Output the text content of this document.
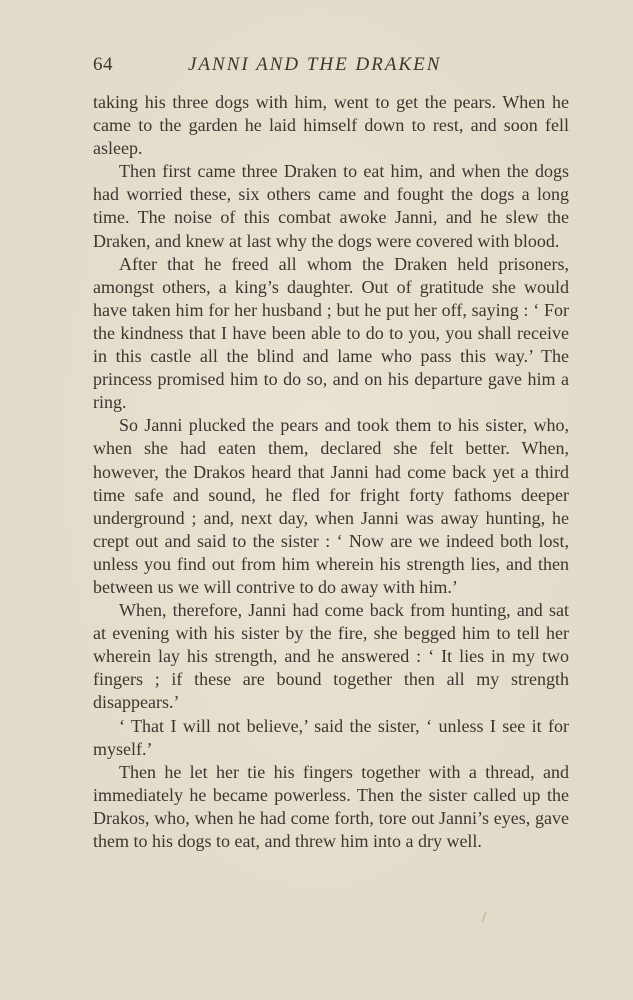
64	JANNI AND THE DRAKEN

taking his three dogs with him, went to get the pears. When he came to the garden he laid himself down to rest, and soon fell asleep.

Then first came three Draken to eat him, and when the dogs had worried these, six others came and fought the dogs a long time. The noise of this combat awoke Janni, and he slew the Draken, and knew at last why the dogs were covered with blood.

After that he freed all whom the Draken held prisoners, amongst others, a king’s daughter. Out of gratitude she would have taken him for her husband ; but he put her off, saying : ‘ For the kindness that I have been able to do to you, you shall receive in this castle all the blind and lame who pass this way.’ The princess promised him to do so, and on his departure gave him a ring.

So Janni plucked the pears and took them to his sister, who, when she had eaten them, declared she felt better. When, however, the Drakos heard that Janni had come back yet a third time safe and sound, he fled for fright forty fathoms deeper underground ; and, next day, when Janni was away hunting, he crept out and said to the sister : ‘ Now are we indeed both lost, unless you find out from him wherein his strength lies, and then between us we will contrive to do away with him.’

When, therefore, Janni had come back from hunting, and sat at evening with his sister by the fire, she begged him to tell her wherein lay his strength, and he answered : ‘ It lies in my two fingers ; if these are bound together then all my strength disappears.’

‘ That I will not believe,’ said the sister, ‘ unless I see it for myself.’

Then he let her tie his fingers together with a thread, and immediately he became powerless. Then the sister called up the Drakos, who, when he had come forth, tore out Janni’s eyes, gave them to his dogs to eat, and threw him into a dry well.
